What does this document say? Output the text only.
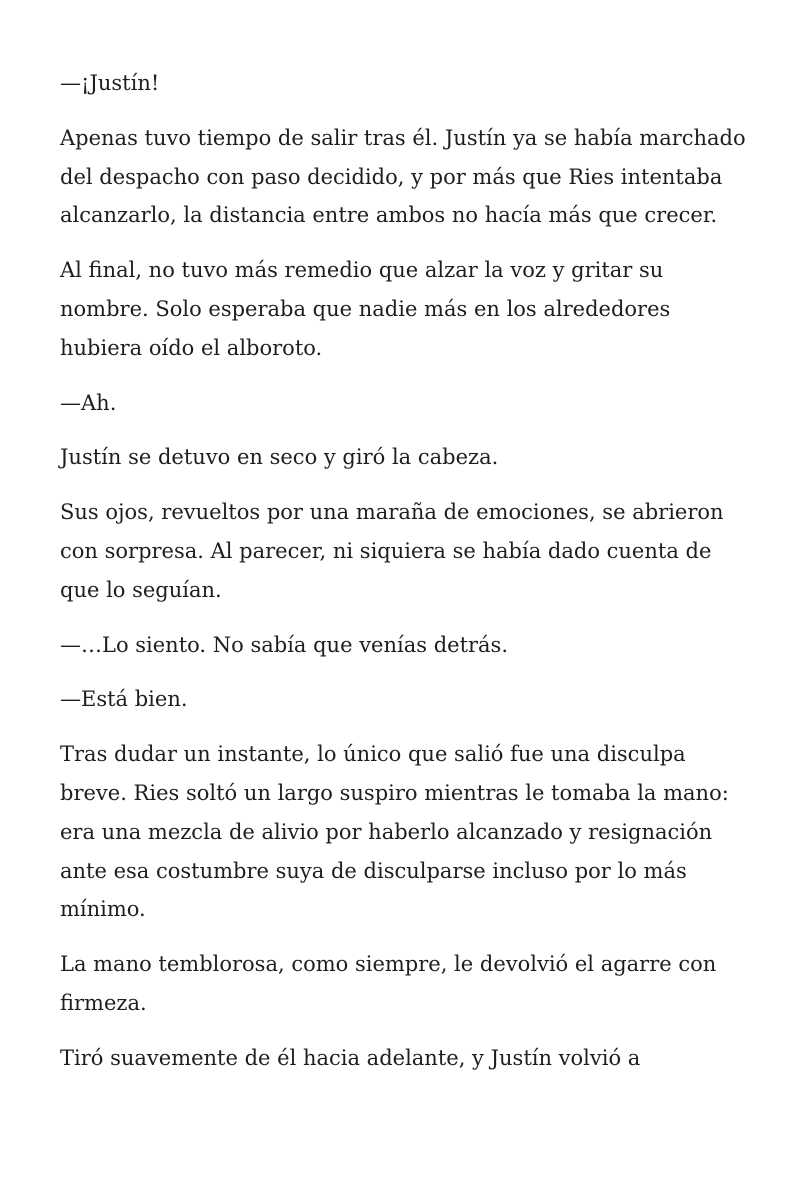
—¡Justín!

Apenas tuvo tiempo de salir tras él. Justín ya se había marchado del despacho con paso decidido, y por más que Ries intentaba alcanzarlo, la distancia entre ambos no hacía más que crecer.

Al final, no tuvo más remedio que alzar la voz y gritar su nombre. Solo esperaba que nadie más en los alrededores hubiera oído el alboroto.

—Ah.

Justín se detuvo en seco y giró la cabeza.

Sus ojos, revueltos por una maraña de emociones, se abrieron con sorpresa. Al parecer, ni siquiera se había dado cuenta de que lo seguían.

—…Lo siento. No sabía que venías detrás.

—Está bien.

Tras dudar un instante, lo único que salió fue una disculpa breve. Ries soltó un largo suspiro mientras le tomaba la mano: era una mezcla de alivio por haberlo alcanzado y resignación ante esa costumbre suya de disculparse incluso por lo más mínimo.

La mano temblorosa, como siempre, le devolvió el agarre con firmeza.

Tiró suavemente de él hacia adelante, y Justín volvió a
